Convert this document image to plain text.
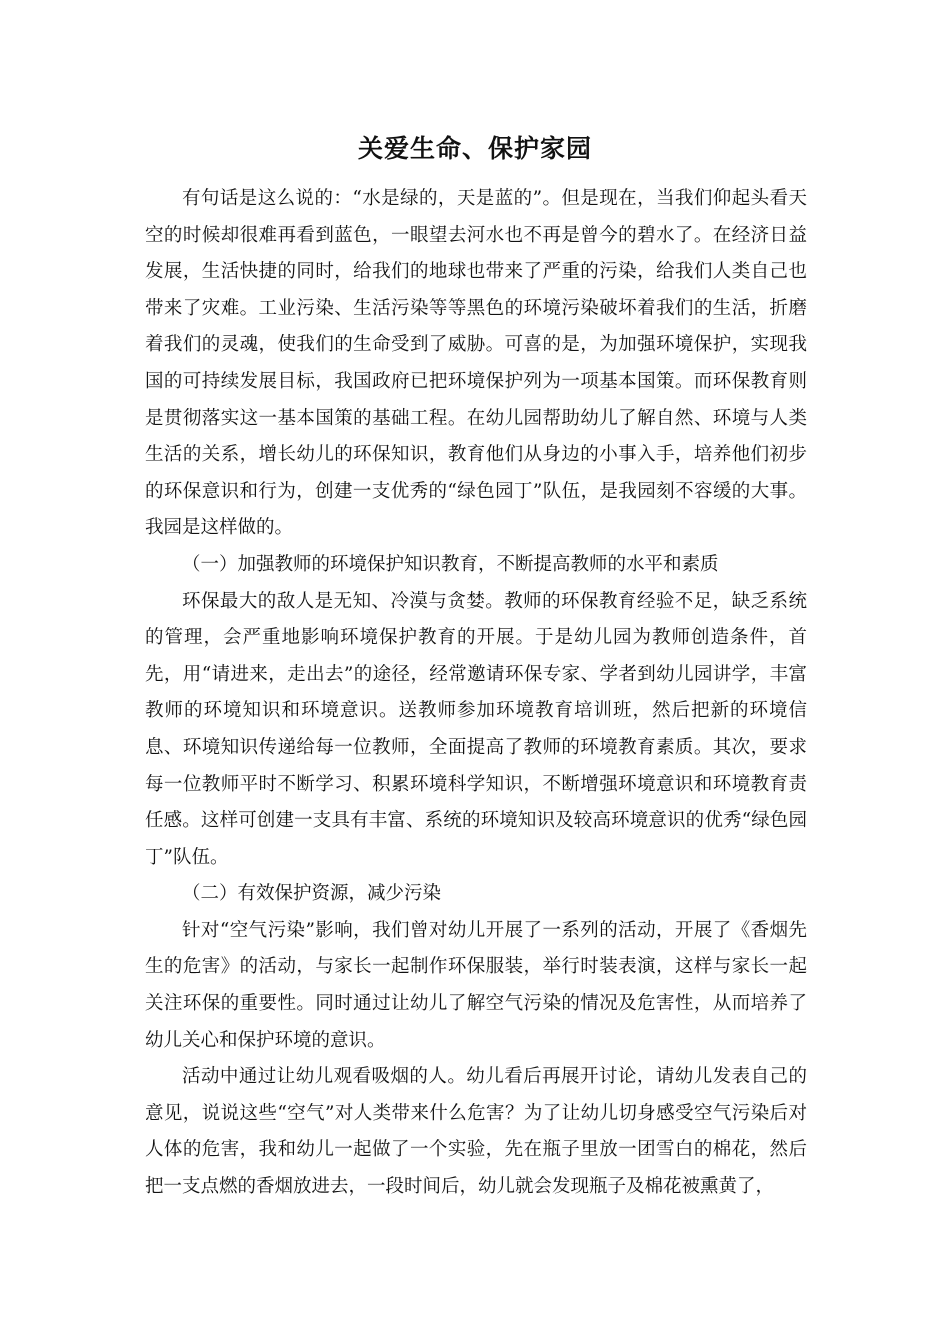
关爱生命、保护家园

有句话是这么说的：“水是绿的，天是蓝的”。但是现在，当我们仰起头看天空的时候却很难再看到蓝色，一眼望去河水也不再是曾今的碧水了。在经济日益发展，生活快捷的同时，给我们的地球也带来了严重的污染，给我们人类自己也带来了灾难。工业污染、生活污染等等黑色的环境污染破坏着我们的生活，折磨着我们的灵魂，使我们的生命受到了威胁。可喜的是，为加强环境保护，实现我国的可持续发展目标，我国政府已把环境保护列为一项基本国策。而环保教育则是贯彻落实这一基本国策的基础工程。在幼儿园帮助幼儿了解自然、环境与人类生活的关系，增长幼儿的环保知识，教育他们从身边的小事入手，培养他们初步的环保意识和行为，创建一支优秀的“绿色园丁”队伍，是我园刻不容缓的大事。我园是这样做的。

（一）加强教师的环境保护知识教育，不断提高教师的水平和素质

环保最大的敌人是无知、冷漠与贪婪。教师的环保教育经验不足，缺乏系统的管理，会严重地影响环境保护教育的开展。于是幼儿园为教师创造条件，首先，用“请进来，走出去”的途径，经常邀请环保专家、学者到幼儿园讲学，丰富教师的环境知识和环境意识。送教师参加环境教育培训班，然后把新的环境信息、环境知识传递给每一位教师，全面提高了教师的环境教育素质。其次，要求每一位教师平时不断学习、积累环境科学知识，不断增强环境意识和环境教育责任感。这样可创建一支具有丰富、系统的环境知识及较高环境意识的优秀“绿色园丁”队伍。

（二）有效保护资源，减少污染

针对“空气污染”影响，我们曾对幼儿开展了一系列的活动，开展了《香烟先生的危害》的活动，与家长一起制作环保服装，举行时装表演，这样与家长一起关注环保的重要性。同时通过让幼儿了解空气污染的情况及危害性，从而培养了幼儿关心和保护环境的意识。

活动中通过让幼儿观看吸烟的人。幼儿看后再展开讨论，请幼儿发表自己的意见，说说这些“空气”对人类带来什么危害？为了让幼儿切身感受空气污染后对人体的危害，我和幼儿一起做了一个实验，先在瓶子里放一团雪白的棉花，然后把一支点燃的香烟放进去，一段时间后，幼儿就会发现瓶子及棉花被熏黄了，
